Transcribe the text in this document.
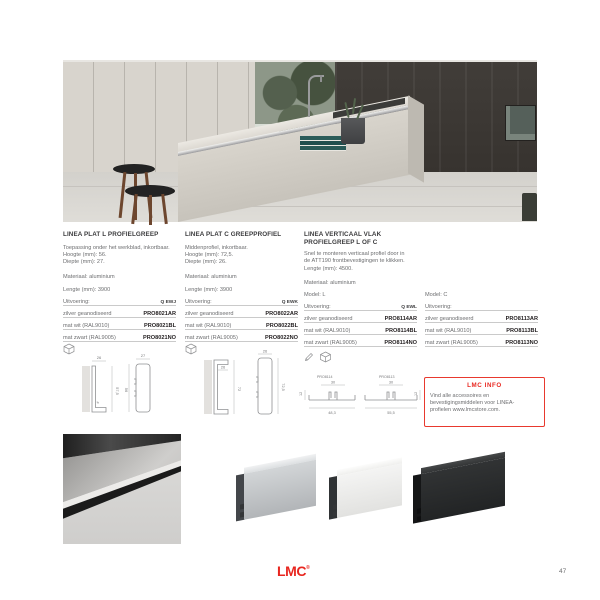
LINEA PLAT L PROFIELGREEP

Toepassing onder het werkblad, inkortbaar.

Hoogte (mm): 56.

Diepte (mm): 27.

Materiaal: aluminium

LINEA PLAT C GREEPPROFIEL

Middenprofiel, inkortbaar.

Hoogte (mm): 72,5.

Diepte (mm): 26.

Materiaal: aluminium

LINEA VERTICAAL VLAK
PROFIELGREEP L OF C

Snel te monteren verticaal profiel door in

de ATT190 frontbevestigingen te klikken.

Lengte (mm): 4500.

Materiaal: aluminium

Lengte (mm): 3900
Uitvoering:	Q EWJ
zilver geanodiseerd	PRO8021AR
mat wit (RAL9010)	PRO8021BL
mat zwart (RAL9005)	PRO8021NO
Lengte (mm): 3900
Uitvoering:	Q EWK
zilver geanodiseerd	PRO8022AR
mat wit (RAL9010)	PRO8022BL
mat zwart (RAL9005)	PRO8022NO
Model: L
Uitvoering:	Q EWL
zilver geanodiseerd	PRO8114AR
mat wit (RAL9010)	PRO8114BL
mat zwart (RAL9005)	PRO8114NO
Model: C
Uitvoering:
zilver geanodiseerd	PRO8113AR
mat wit (RAL9010)	PRO8113BL
mat zwart (RAL9005)	PRO8113NO
26
57,5
6
27
56
26
72
26
72,5
PRO8114
30
12
48,3
PRO8113
30
12
55,5
LMC INFO
Vind alle accessoires en
bevestigingsmiddelen voor LINEA-
profielen www.lmcstore.com.
LMC®	47
